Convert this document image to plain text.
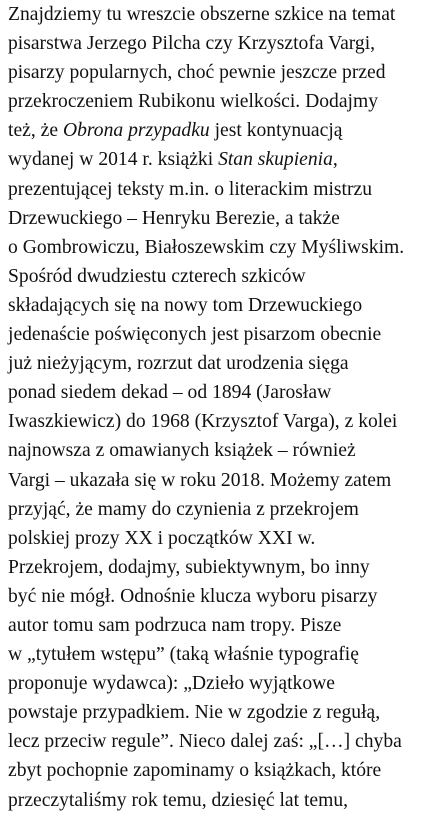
Znajdziemy tu wreszcie obszerne szkice na temat
pisarstwa Jerzego Pilcha czy Krzysztofa Vargi,
pisarzy popularnych, choć pewnie jeszcze przed
przekroczeniem Rubikonu wielkości. Dodajmy
też, że Obrona przypadku jest kontynuacją
wydanej w 2014 r. książki Stan skupienia,
prezentującej teksty m.in. o literackim mistrzu
Drzewuckiego – Henryku Berezie, a także
o Gombrowiczu, Białoszewskim czy Myśliwskim.
Spośród dwudziestu czterech szkiców
składających się na nowy tom Drzewuckiego
jedenaście poświęconych jest pisarzom obecnie
już nieżyjącym, rozrzut dat urodzenia sięga
ponad siedem dekad – od 1894 (Jarosław
Iwaszkiewicz) do 1968 (Krzysztof Varga), z kolei
najnowsza z omawianych książek – również
Vargi – ukazała się w roku 2018. Możemy zatem
przyjąć, że mamy do czynienia z przekrojem
polskiej prozy XX i początków XXI w.
Przekrojem, dodajmy, subiektywnym, bo inny
być nie mógł. Odnośnie klucza wyboru pisarzy
autor tomu sam podrzuca nam tropy. Pisze
w „tytułem wstępu” (taką właśnie typografię
proponuje wydawca): „Dzieło wyjątkowe
powstaje przypadkiem. Nie w zgodzie z regułą,
lecz przeciw regule”. Nieco dalej zaś: „[…] chyba
zbyt pochopnie zapominamy o książkach, które
przeczytaliśmy rok temu, dziesięć lat temu,
